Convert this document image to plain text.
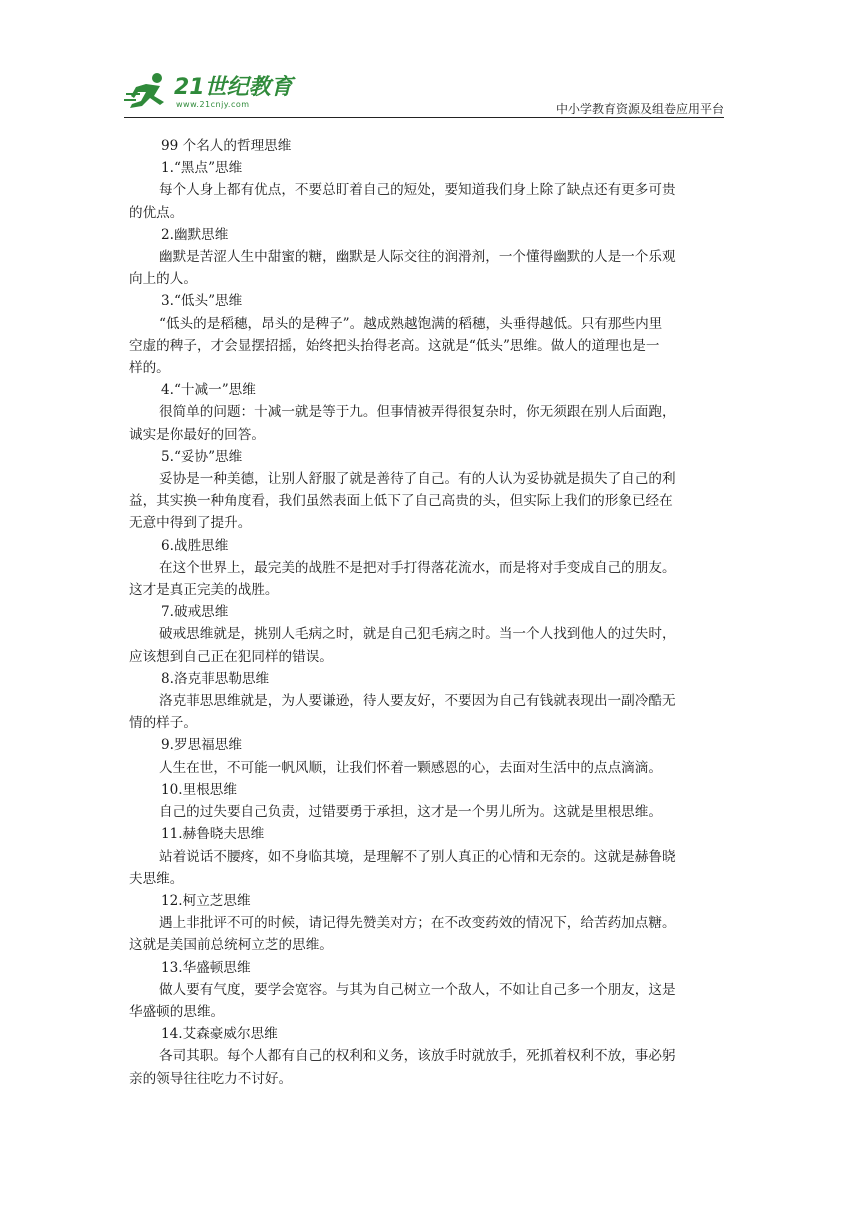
21世纪教育
www.21cnjy.com	中小学教育资源及组卷应用平台

99 个名人的哲理思维

1.“黑点”思维

每个人身上都有优点，不要总盯着自己的短处，要知道我们身上除了缺点还有更多可贵

的优点。

2.幽默思维

幽默是苦涩人生中甜蜜的糖，幽默是人际交往的润滑剂，一个懂得幽默的人是一个乐观

向上的人。

3.“低头”思维

“低头的是稻穗，昂头的是稗子”。越成熟越饱满的稻穗，头垂得越低。只有那些内里

空虚的稗子，才会显摆招摇，始终把头抬得老高。这就是“低头”思维。做人的道理也是一

样的。

4.“十减一”思维

很简单的问题：十减一就是等于九。但事情被弄得很复杂时，你无须跟在别人后面跑，

诚实是你最好的回答。

5.“妥协”思维

妥协是一种美德，让别人舒服了就是善待了自己。有的人认为妥协就是损失了自己的利

益，其实换一种角度看，我们虽然表面上低下了自己高贵的头，但实际上我们的形象已经在

无意中得到了提升。

6.战胜思维

在这个世界上，最完美的战胜不是把对手打得落花流水，而是将对手变成自己的朋友。

这才是真正完美的战胜。

7.破戒思维

破戒思维就是，挑别人毛病之时，就是自己犯毛病之时。当一个人找到他人的过失时，

应该想到自己正在犯同样的错误。

8.洛克菲思勒思维

洛克菲思思维就是，为人要谦逊，待人要友好，不要因为自己有钱就表现出一副冷酷无

情的样子。

9.罗思福思维

人生在世，不可能一帆风顺，让我们怀着一颗感恩的心，去面对生活中的点点滴滴。

10.里根思维

自己的过失要自己负责，过错要勇于承担，这才是一个男儿所为。这就是里根思维。

11.赫鲁晓夫思维

站着说话不腰疼，如不身临其境，是理解不了别人真正的心情和无奈的。这就是赫鲁晓

夫思维。

12.柯立芝思维

遇上非批评不可的时候，请记得先赞美对方；在不改变药效的情况下，给苦药加点糖。

这就是美国前总统柯立芝的思维。

13.华盛顿思维

做人要有气度，要学会宽容。与其为自己树立一个敌人，不如让自己多一个朋友，这是

华盛顿的思维。

14.艾森豪威尔思维

各司其职。每个人都有自己的权利和义务，该放手时就放手，死抓着权利不放，事必躬

亲的领导往往吃力不讨好。
